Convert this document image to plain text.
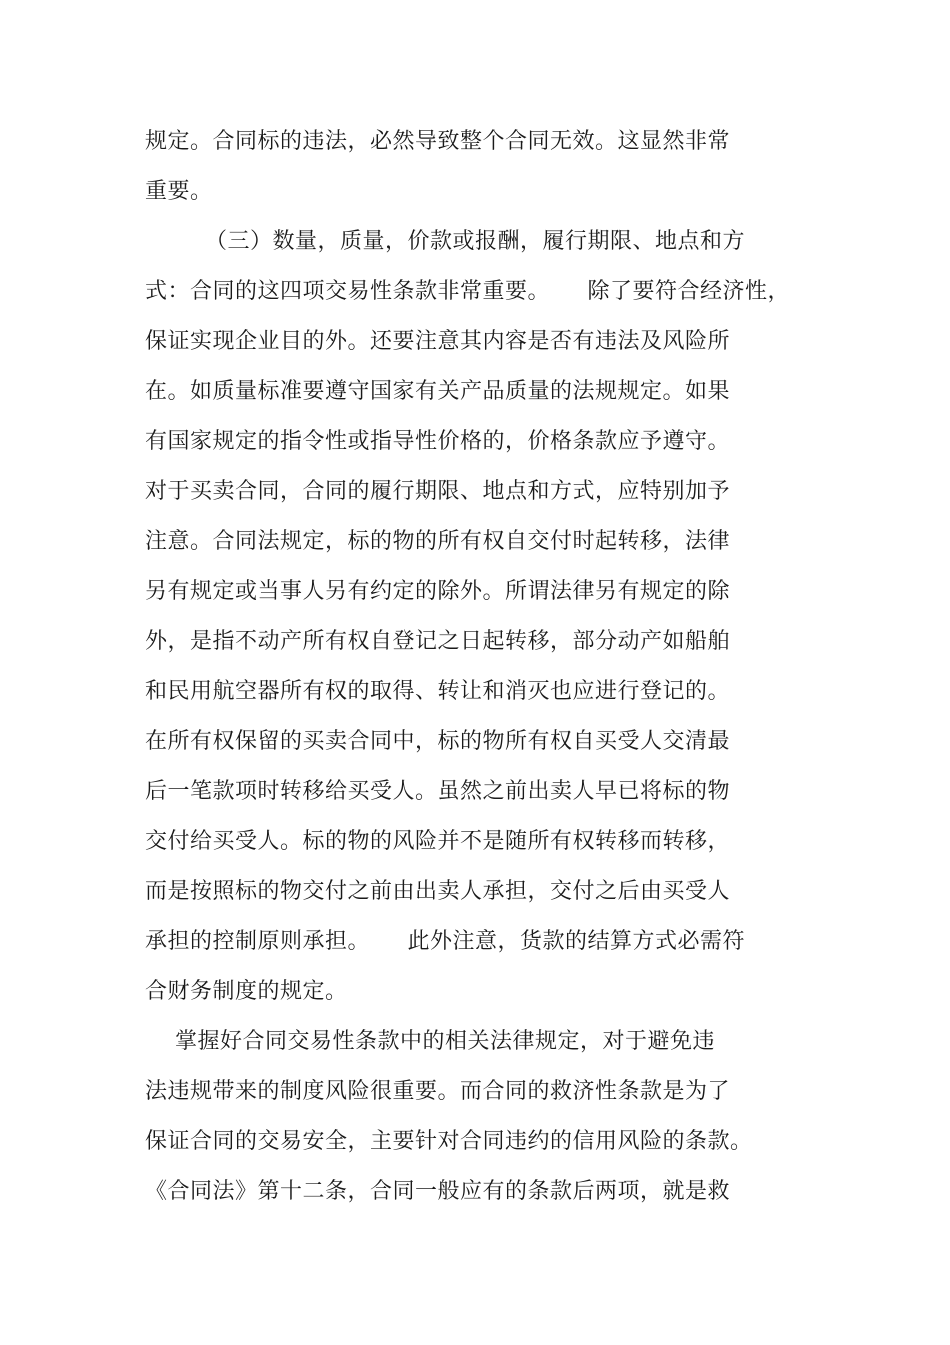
规定。合同标的违法，必然导致整个合同无效。这显然非常
重要。
（三）数量，质量，价款或报酬，履行期限、地点和方
式：合同的这四项交易性条款非常重要。     除了要符合经济性，
保证实现企业目的外。还要注意其内容是否有违法及风险所
在。如质量标准要遵守国家有关产品质量的法规规定。如果
有国家规定的指令性或指导性价格的，价格条款应予遵守。
对于买卖合同，合同的履行期限、地点和方式，应特别加予
注意。合同法规定，标的物的所有权自交付时起转移，法律
另有规定或当事人另有约定的除外。所谓法律另有规定的除
外，是指不动产所有权自登记之日起转移，部分动产如船舶
和民用航空器所有权的取得、转让和消灭也应进行登记的。
在所有权保留的买卖合同中，标的物所有权自买受人交清最
后一笔款项时转移给买受人。虽然之前出卖人早已将标的物
交付给买受人。标的物的风险并不是随所有权转移而转移，
而是按照标的物交付之前由出卖人承担，交付之后由买受人
承担的控制原则承担。     此外注意，货款的结算方式必需符
合财务制度的规定。
掌握好合同交易性条款中的相关法律规定，对于避免违
法违规带来的制度风险很重要。而合同的救济性条款是为了
保证合同的交易安全，主要针对合同违约的信用风险的条款。
《合同法》第十二条，合同一般应有的条款后两项，就是救
